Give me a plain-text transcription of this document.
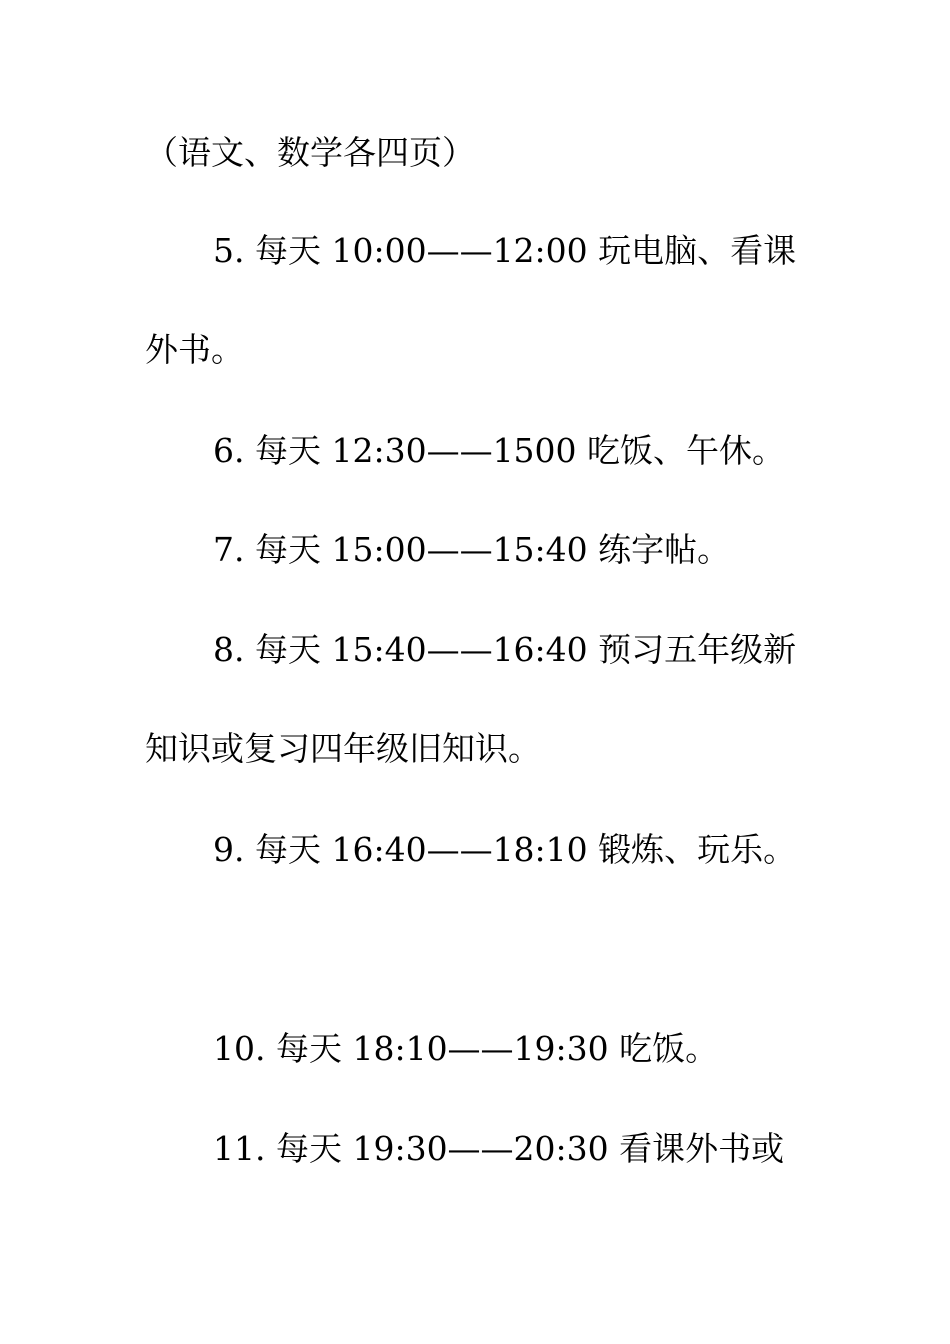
（语文、数学各四页）
5. 每天 10:00——12:00 玩电脑、看课
外书。
6. 每天 12:30——1500 吃饭、午休。
7. 每天 15:00——15:40 练字帖。
8. 每天 15:40——16:40 预习五年级新
知识或复习四年级旧知识。
9. 每天 16:40——18:10 锻炼、玩乐。
10. 每天 18:10——19:30 吃饭。
11. 每天 19:30——20:30 看课外书或
